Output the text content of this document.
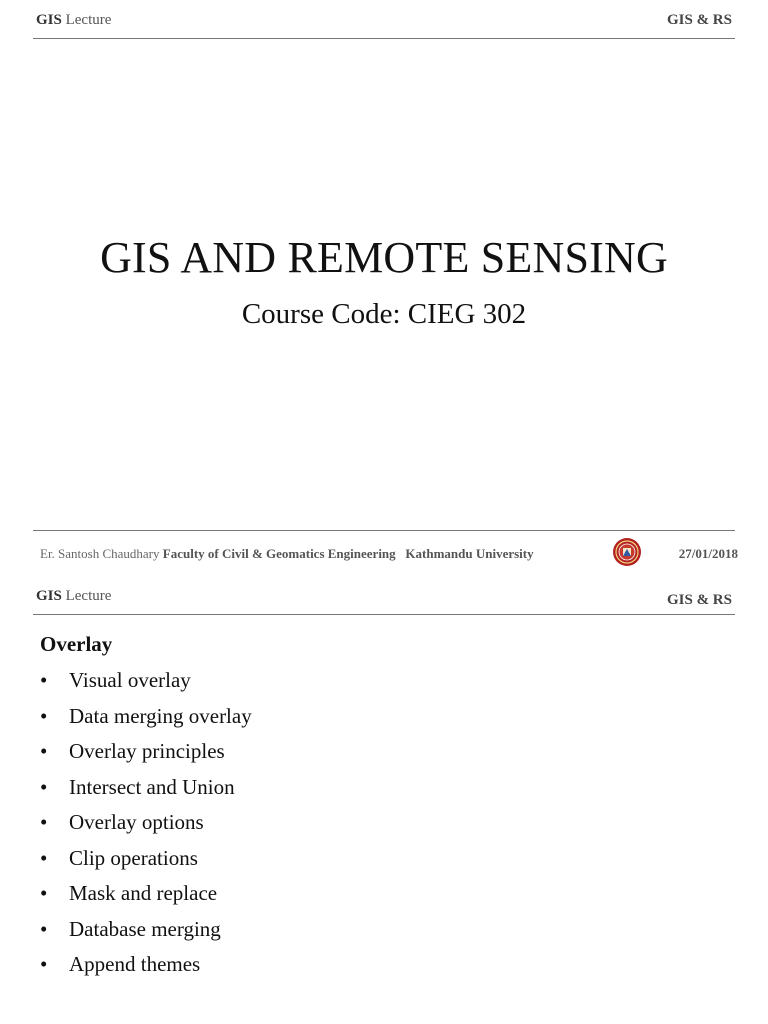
GIS Lecture	GIS & RS
GIS AND REMOTE SENSING
Course Code: CIEG 302
Er. Santosh Chaudhary Faculty of Civil & Geomatics Engineering Kathmandu University	27/01/2018
GIS Lecture	GIS & RS
Overlay
• Visual overlay
• Data merging overlay
• Overlay principles
• Intersect and Union
• Overlay options
• Clip operations
• Mask and replace
• Database merging
• Append themes
